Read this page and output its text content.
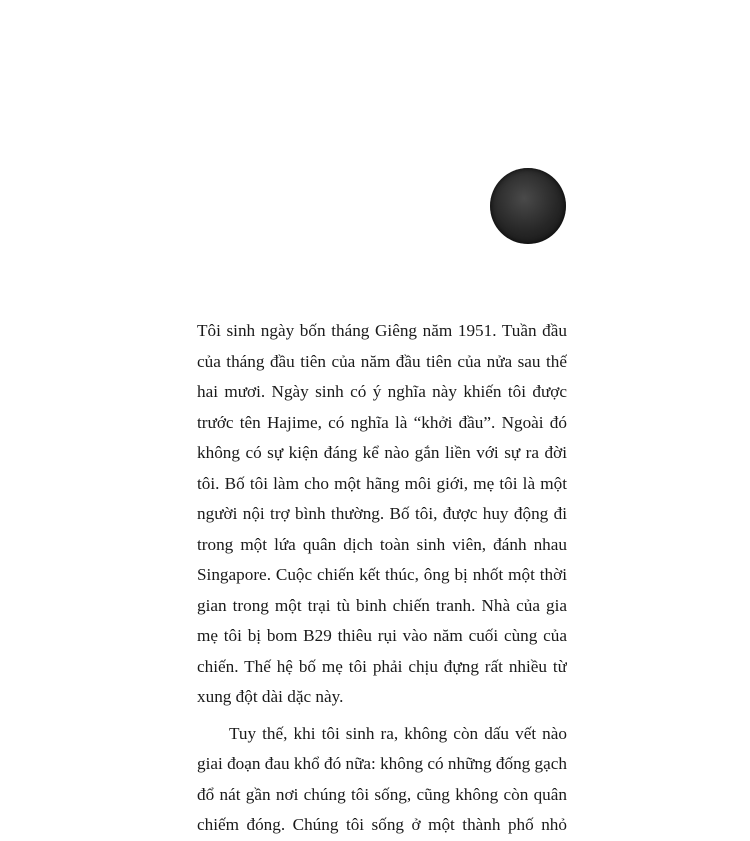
Tôi sinh ngày bốn tháng Giêng năm 1951. Tuần đầu
của tháng đầu tiên của năm đầu tiên của nửa sau thế
hai mươi. Ngày sinh có ý nghĩa này khiến tôi được
trước tên Hajime, có nghĩa là “khởi đầu”. Ngoài đó
không có sự kiện đáng kể nào gắn liền với sự ra đời
tôi. Bố tôi làm cho một hãng môi giới, mẹ tôi là một
người nội trợ bình thường. Bố tôi, được huy động đi
trong một lứa quân dịch toàn sinh viên, đánh nhau
Singapore. Cuộc chiến kết thúc, ông bị nhốt một thời
gian trong một trại tù binh chiến tranh. Nhà của gia
mẹ tôi bị bom B29 thiêu rụi vào năm cuối cùng của
chiến. Thế hệ bố mẹ tôi phải chịu đựng rất nhiều từ
xung đột dài dặc này.
Tuy thế, khi tôi sinh ra, không còn dấu vết nào
giai đoạn đau khổ đó nữa: không có những đống gạch
đổ nát gần nơi chúng tôi sống, cũng không còn quân
chiếm đóng. Chúng tôi sống ở một thành phố nhỏ
